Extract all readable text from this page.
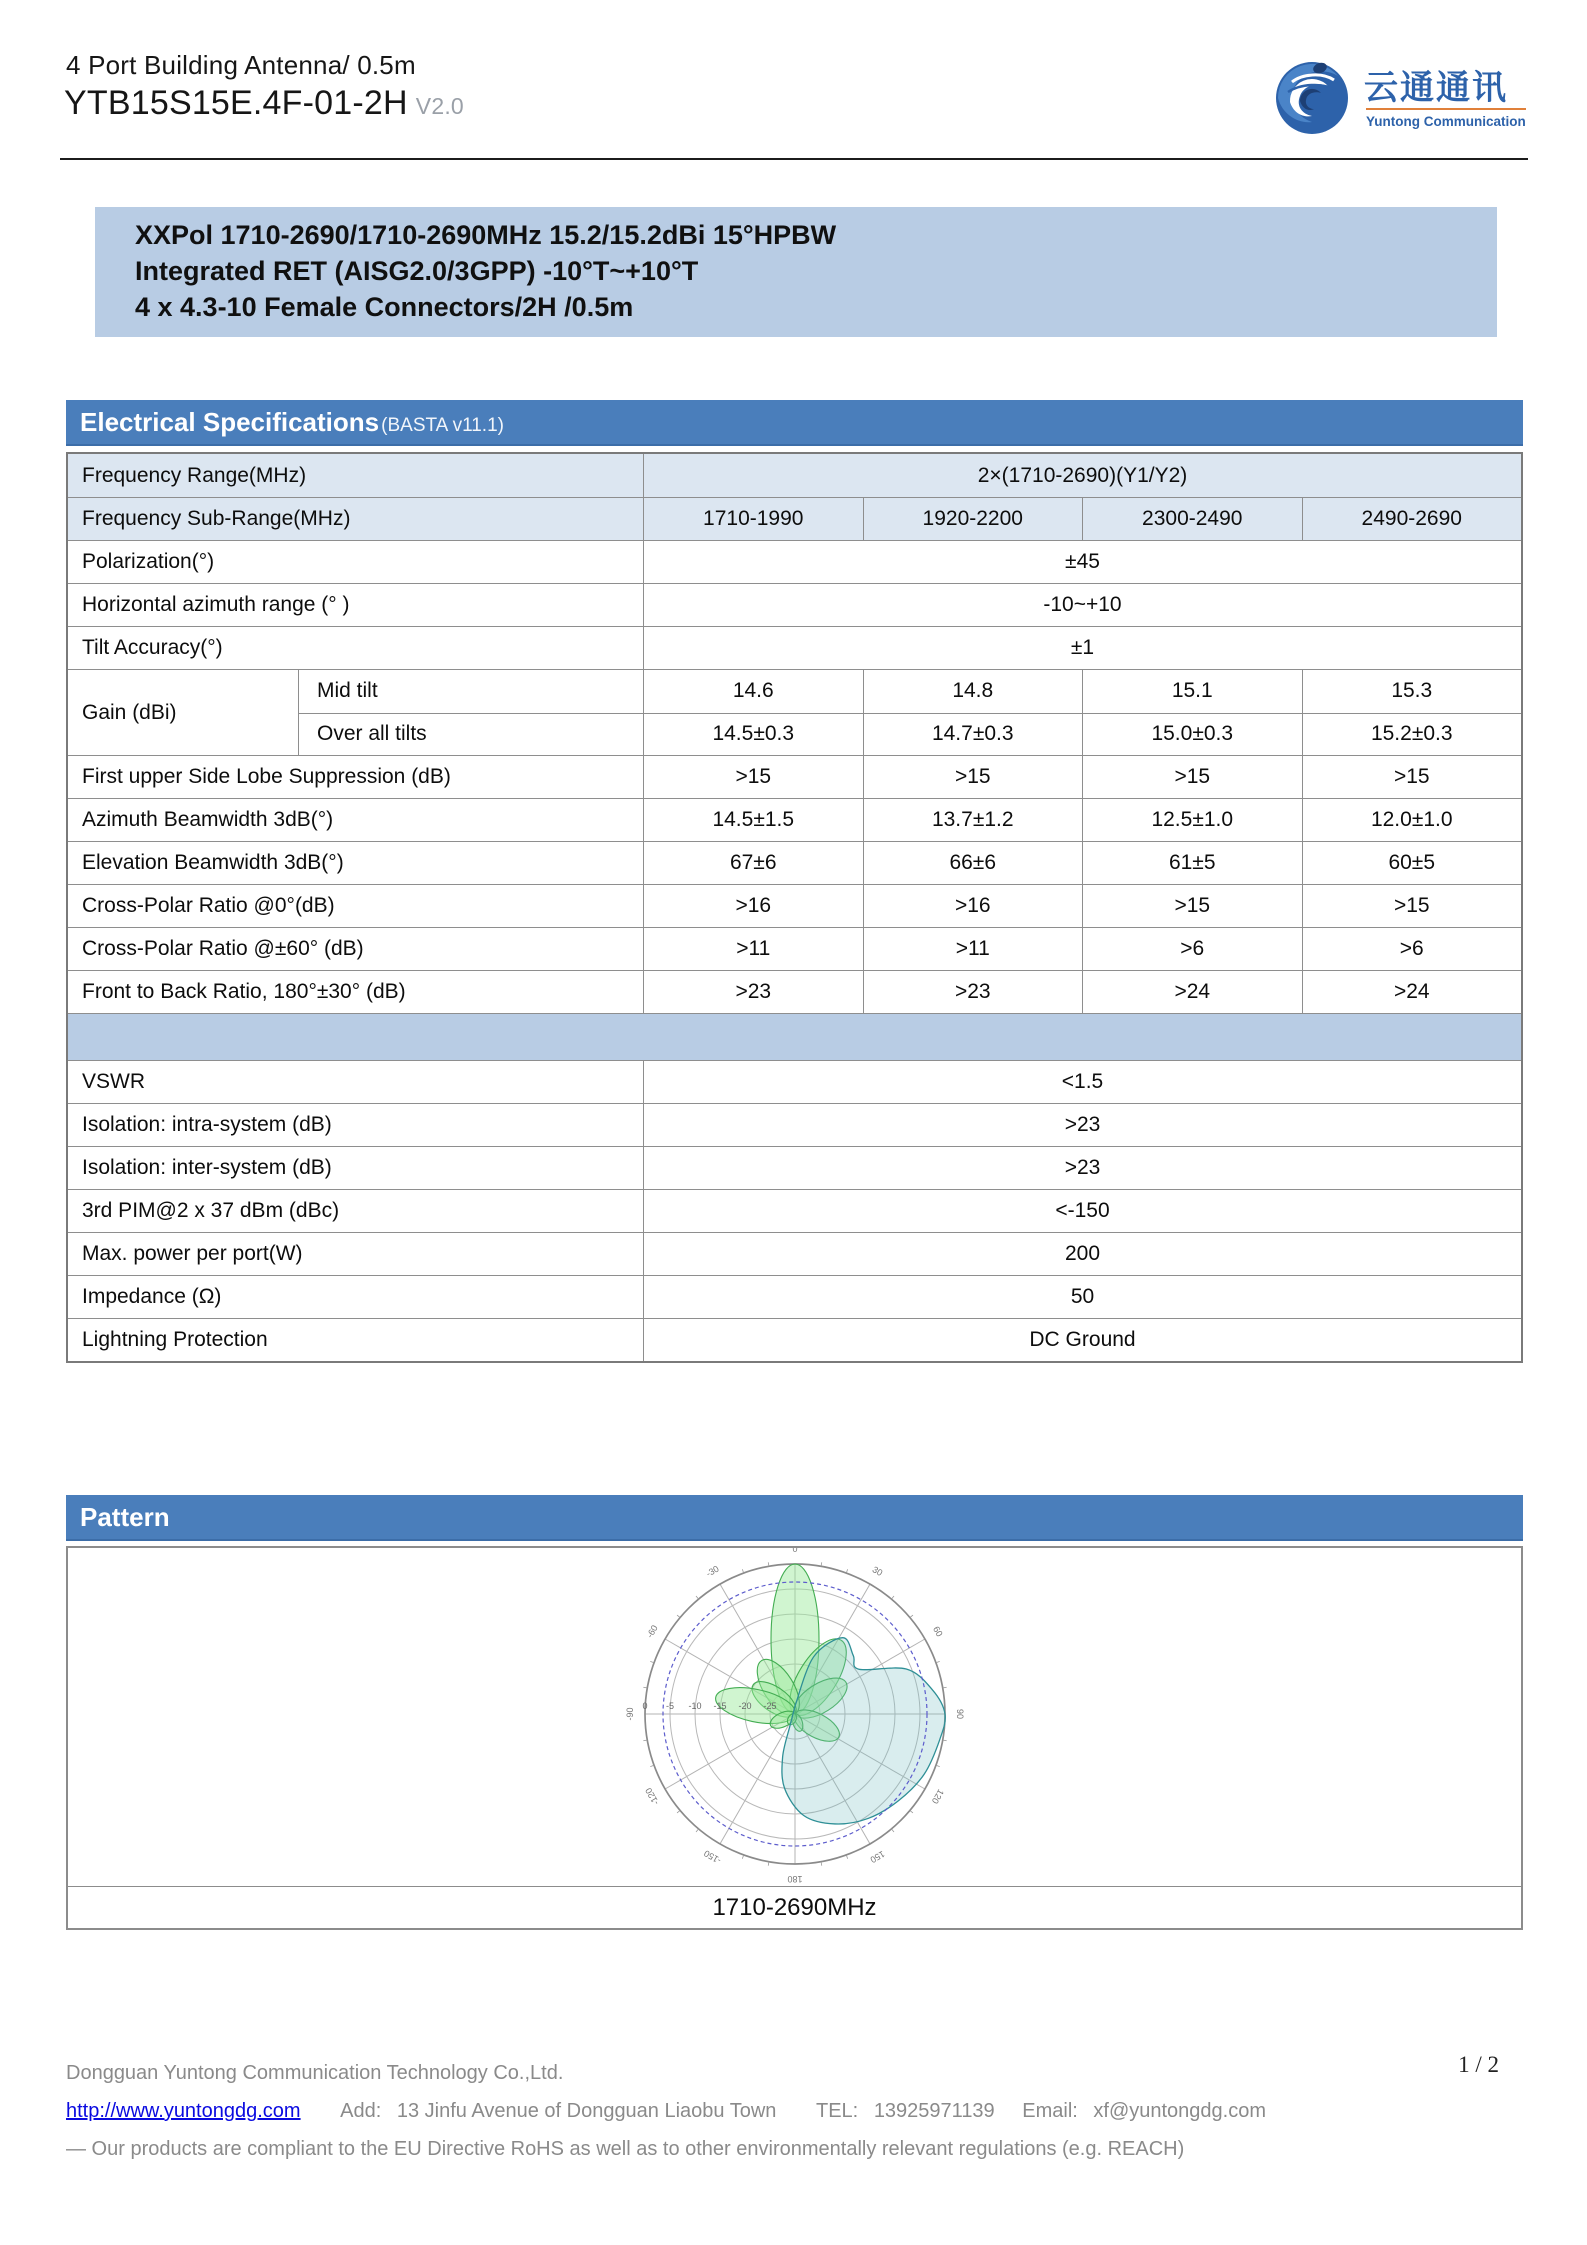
4 Port Building Antenna/ 0.5m
YTB15S15E.4F-01-2H V2.0	云通通讯
Yuntong Communication
XXPol 1710-2690/1710-2690MHz 15.2/15.2dBi 15°HPBW
Integrated RET (AISG2.0/3GPP) -10°T~+10°T
4 x 4.3-10 Female Connectors/2H /0.5m
Electrical Specifications (BASTA v11.1)
Frequency Range(MHz)	2×(1710-2690)(Y1/Y2)
Frequency Sub-Range(MHz)	1710-1990	1920-2200	2300-2490	2490-2690
Polarization(°)	±45
Horizontal azimuth range (° )	-10~+10
Tilt Accuracy(°)	±1
Gain (dBi)
Mid tilt	14.6	14.8	15.1	15.3
Over all tilts	14.5±0.3	14.7±0.3	15.0±0.3	15.2±0.3
First upper Side Lobe Suppression (dB)	>15	>15	>15	>15
Azimuth Beamwidth 3dB(°)	14.5±1.5	13.7±1.2	12.5±1.0	12.0±1.0
Elevation Beamwidth 3dB(°)	67±6	66±6	61±5	60±5
Cross-Polar Ratio @0°(dB)	>16	>16	>15	>15
Cross-Polar Ratio @±60° (dB)	>11	>11	>6	>6
Front to Back Ratio, 180°±30° (dB)	>23	>23	>24	>24
VSWR	<1.5
Isolation: intra-system (dB)	>23
Isolation: inter-system (dB)	>23
3rd PIM@2 x 37 dBm (dBc)	<-150
Max. power per port(W)	200
Impedance (Ω)	50
Lightning Protection	DC Ground
Pattern
0
30
60
90
120
150
180
-150
-120
-90
-60
-30
0 -5 -10 -15 -20 -25
1710-2690MHz
1 / 2
Dongguan Yuntong Communication Technology Co.,Ltd.
http://www.yuntongdg.com Add: 13 Jinfu Avenue of Dongguan Liaobu Town TEL: 13925971139 Email: xf@yuntongdg.com
— Our products are compliant to the EU Directive RoHS as well as to other environmentally relevant regulations (e.g. REACH)
